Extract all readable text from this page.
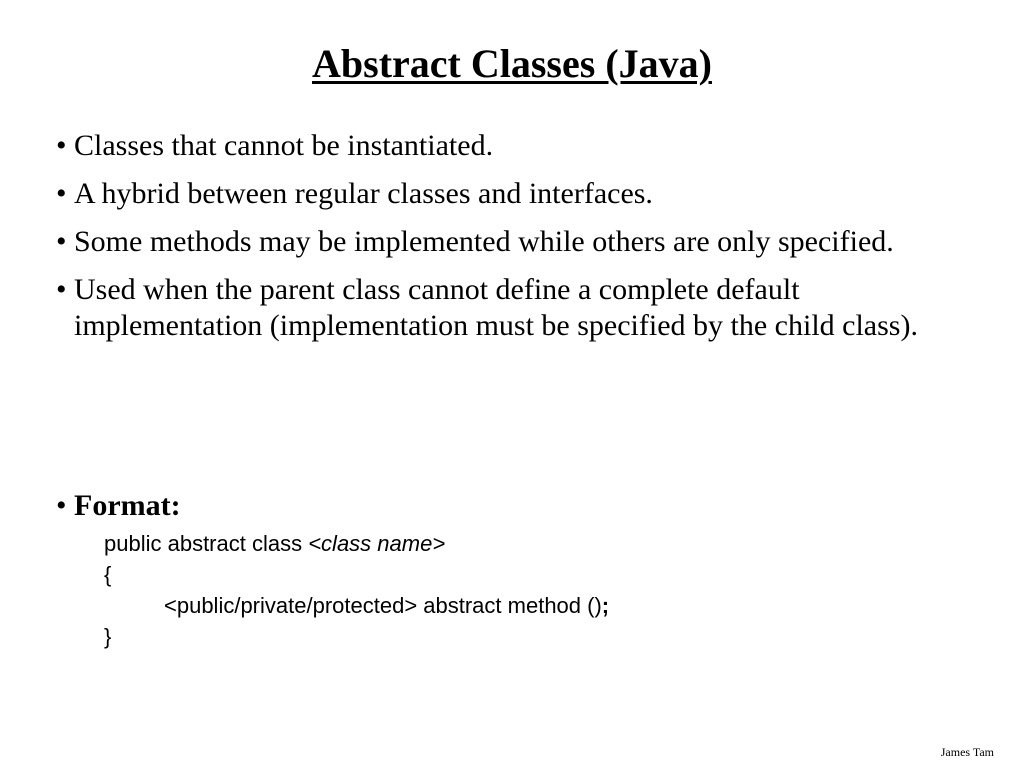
Abstract Classes (Java)
• Classes that cannot be instantiated.
• A hybrid between regular classes and interfaces.
• Some methods may be implemented while others are only specified.
• Used when the parent class cannot define a complete default implementation (implementation must be specified by the child class).
• Format:
public abstract class <class name>
{
<public/private/protected> abstract method ();
}
James Tam
